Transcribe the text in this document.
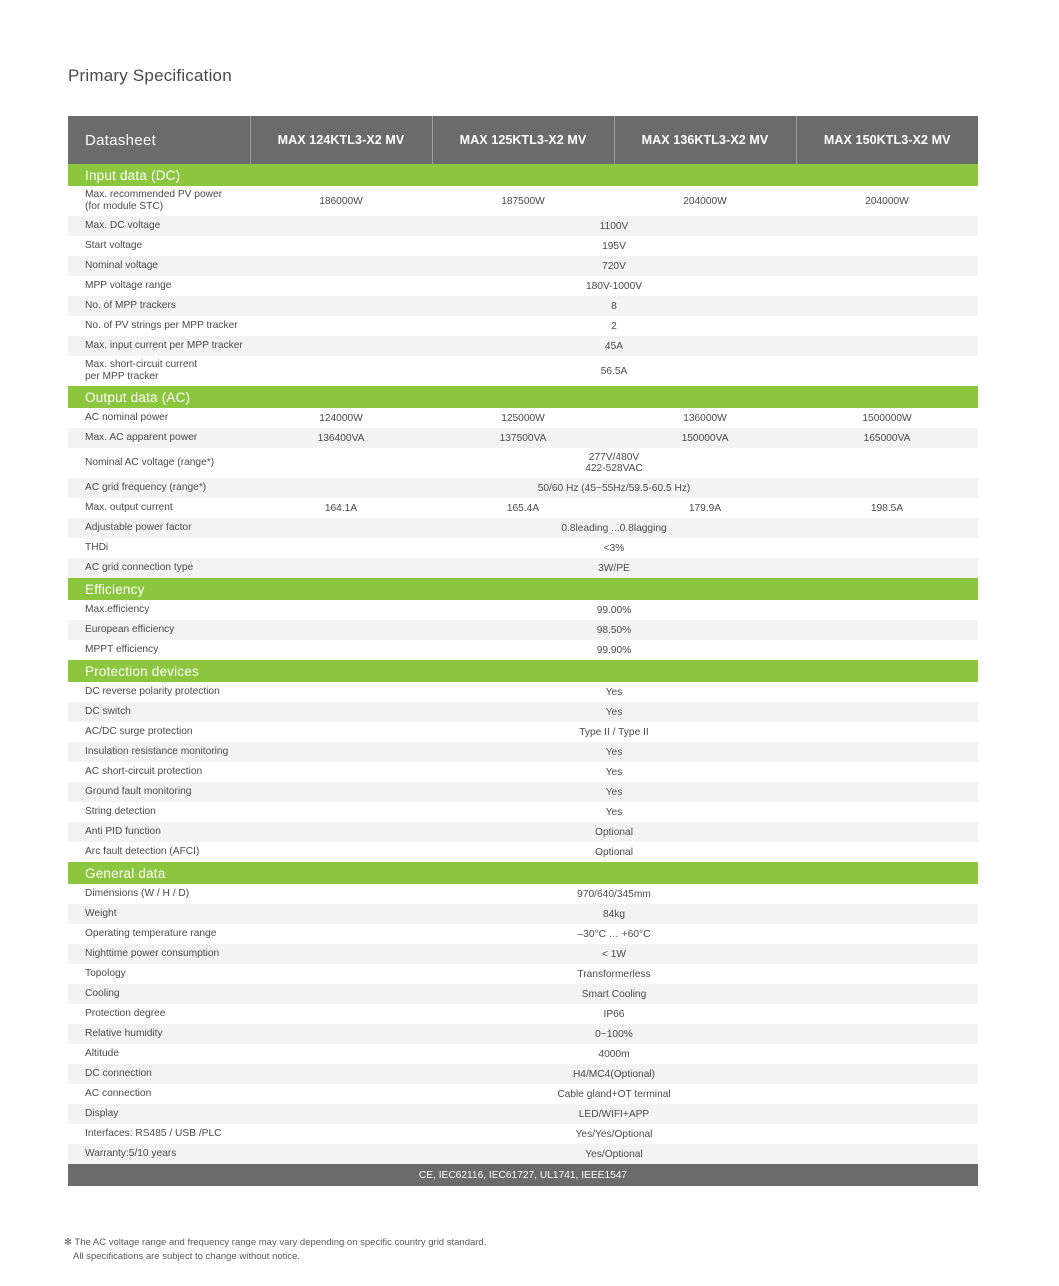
Primary Specification
Datasheet	MAX 124KTL3-X2 MV	MAX 125KTL3-X2 MV	MAX 136KTL3-X2 MV	MAX 150KTL3-X2 MV
Input data (DC)				
Max. recommended PV power
(for module STC)	186000W	187500W	204000W	204000W
Max. DC voltage	1100V			
Start voltage	195V			
Nominal voltage	720V			
MPP voltage range	180V-1000V			
No. of MPP trackers	8			
No. of PV strings per MPP tracker	2			
Max. input current per MPP tracker	45A			
Max. short-circuit current
per MPP tracker	56.5A			
Output data (AC)				
AC nominal power	124000W	125000W	136000W	1500000W
Max. AC apparent power	136400VA	137500VA	150000VA	165000VA
Nominal AC voltage (range*)	277V/480V
422-528VAC			
AC grid frequency (range*)	50/60 Hz (45~55Hz/59.5-60.5 Hz)			
Max. output current	164.1A	165.4A	179.9A	198.5A
Adjustable power factor	0.8leading ...0.8lagging			
THDi	<3%			
AC grid connection type	3W/PE			
Efficiency				
Max.efficiency	99.00%			
European efficiency	98.50%			
MPPT efficiency	99.90%			
Protection devices				
DC reverse polarity protection	Yes			
DC switch	Yes			
AC/DC surge protection	Type II / Type II			
Insulation resistance monitoring	Yes			
AC short-circuit protection	Yes			
Ground fault monitoring	Yes			
String detection	Yes			
Anti PID function	Optional			
Arc fault detection (AFCI)	Optional			
General data				
Dimensions (W / H / D)	970/640/345mm			
Weight	84kg			
Operating temperature range	–30°C … +60°C			
Nighttime power consumption	< 1W			
Topology	Transformerless			
Cooling	Smart Cooling			
Protection degree	IP66			
Relative humidity	0~100%			
Altitude	4000m			
DC connection	H4/MC4(Optional)			
AC connection	Cable gland+OT terminal			
Display	LED/WIFI+APP			
Interfaces: RS485 / USB /PLC	Yes/Yes/Optional			
Warranty:5/10 years	Yes/Optional			
CE, IEC62116, IEC61727, UL1741, IEEE1547				
✻ The AC voltage range and frequency range may vary depending on specific country grid standard.
All specifications are subject to change without notice.
